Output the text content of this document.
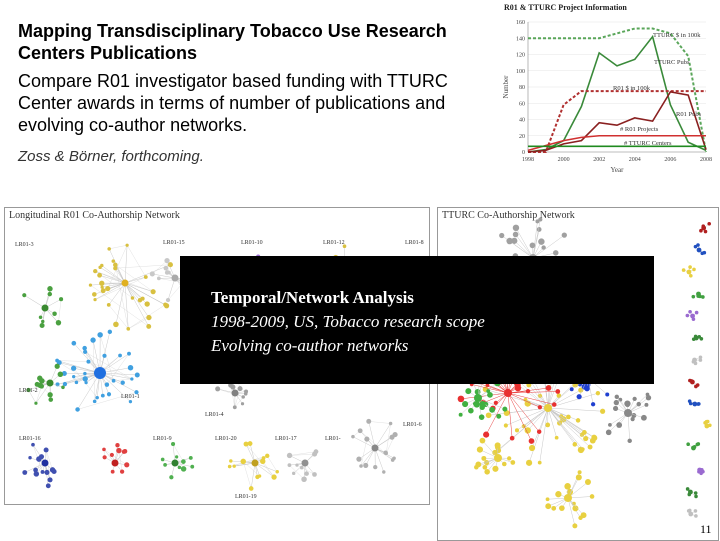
Mapping Transdisciplinary Tobacco Use Research Centers Publications
Compare R01 investigator based funding with TTURC Center awards in terms of number of publications and evolving co-author networks.
Zoss & Börner, forthcoming.
R01 & TTURC Project Information
0
20
40
60
80
100
120
140
160
1998	2000	2002	2004	2006	2008
Number
Year
TTURC $ in 100k
TTURC Pubs
R01 $ in 100k
R01 Pubs
# R01 Projects
# TTURC Centers
Longitudinal R01 Co-Authorship Network
LR01-3	LR01-15	LR01-10	LR01-12	LR01-8
LR01-2
LR01-1
LR01-4
LR01-6
LR01-16	LR01-9	LR01-20	LR01-17	LR01-
LR01-19
TTURC Co-Authorship Network
Temporal/Network Analysis
1998-2009, US, Tobacco research scope
Evolving co-author networks
11
